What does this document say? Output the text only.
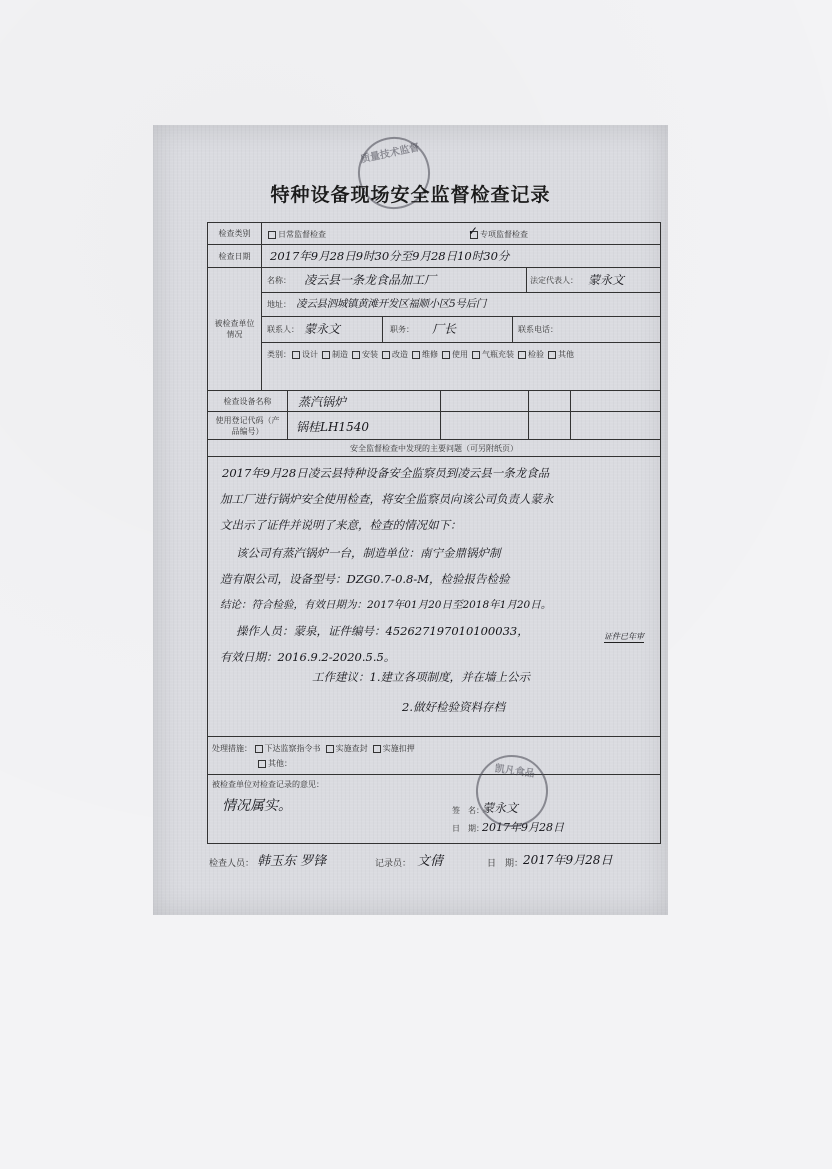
质量技术监督
特种设备现场安全监督检查记录
检查类别	日常监督检查	✓ 专项监督检查
检查日期	2017年9月28日9时30分至9月28日10时30分
被检查单位情况
名称： 凌云县一条龙食品加工厂	法定代表人： 蒙永文
地址： 凌云县泗城镇黄滩开发区福顺小区5号后门
联系人： 蒙永文	职务： 厂长	联系电话：
类别：	设计 制造 安装 改造 维修 使用 气瓶充装 检验 其他
检查设备名称	蒸汽锅炉
使用登记代码（产品编号）	锅桂LH1540
安全监督检查中发现的主要问题（可另附纸页）
2017年9月28日凌云县特种设备安全监察员到凌云县一条龙食品
加工厂进行锅炉安全使用检查，将安全监察员向该公司负责人蒙永
文出示了证件并说明了来意，检查的情况如下：
该公司有蒸汽锅炉一台，制造单位：南宁金鼎锅炉制
造有限公司，设备型号：DZG0.7-0.8-M，检验报告检验
结论：符合检验，有效日期为：2017年01月20日至2018年1月20日。
操作人员：蒙泉，证件编号：452627197010100033，
有效日期：2016.9.2-2020.5.5。
工作建议：1.建立各项制度，并在墙上公示
2.做好检验资料存档
证件已年审
处理措施： 下达监察指令书 实施查封 实施扣押
其他：
被检查单位对检查记录的意见：
情况属实。	签　名：
蒙永文
日　期：
2017年9月28日
凯凡食品
检查人员： 韩玉东 罗锋	记录员： 文倩	日　期： 2017年9月28日
